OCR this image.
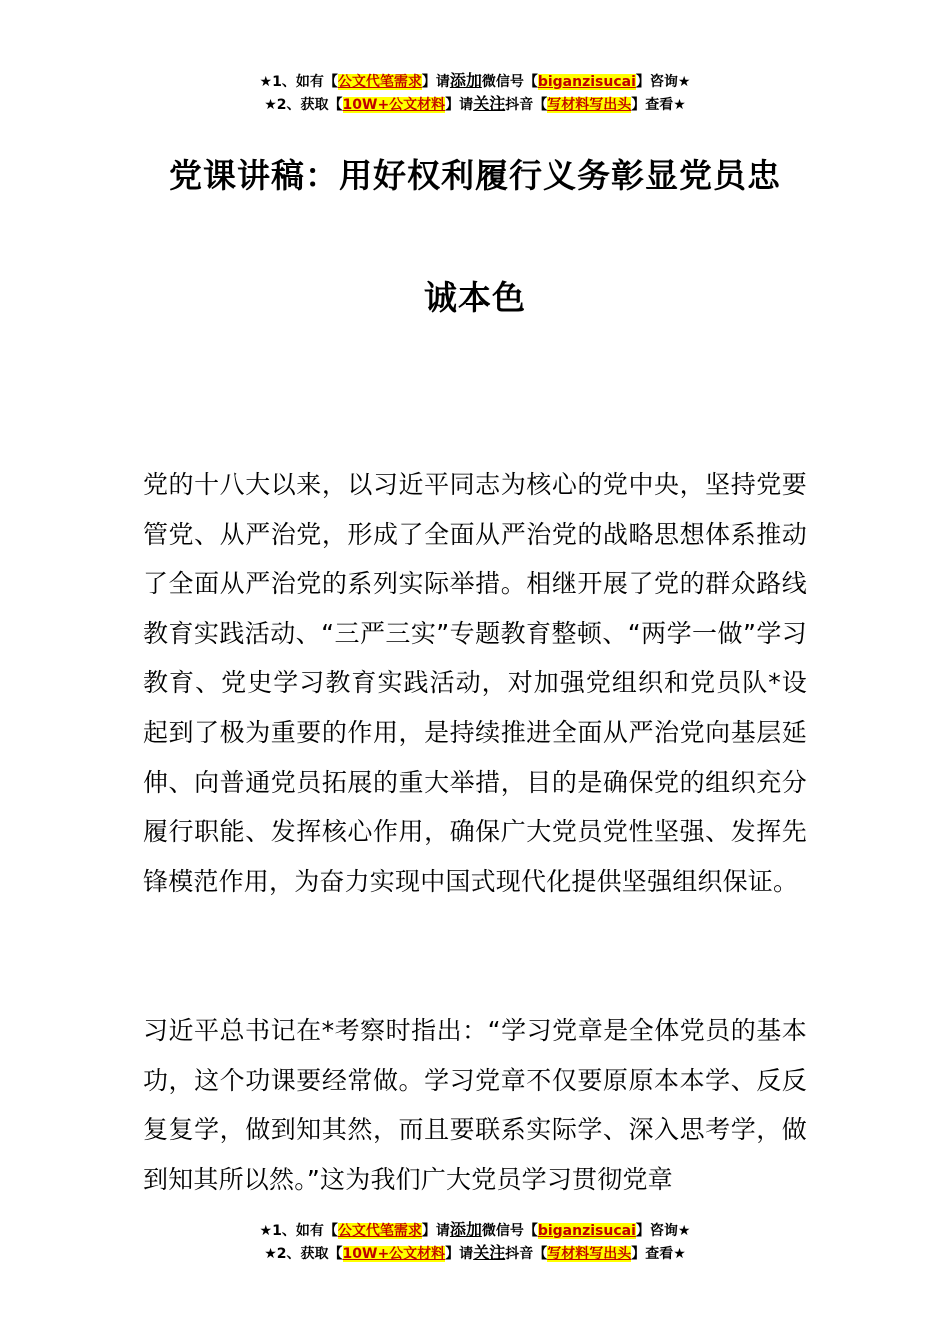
★1、如有【公文代笔需求】请添加微信号【biganzisucai】咨询★
★2、获取【10W+公文材料】请关注抖音【写材料写出头】查看★
党课讲稿：用好权利履行义务彰显党员忠
诚本色
党的十八大以来，以习近平同志为核心的党中央，坚持党要管党、从严治党，形成了全面从严治党的战略思想体系推动了全面从严治党的系列实际举措。相继开展了党的群众路线教育实践活动、“三严三实”专题教育整顿、“两学一做”学习教育、党史学习教育实践活动，对加强党组织和党员队*设起到了极为重要的作用，是持续推进全面从严治党向基层延伸、向普通党员拓展的重大举措，目的是确保党的组织充分履行职能、发挥核心作用，确保广大党员党性坚强、发挥先锋模范作用，为奋力实现中国式现代化提供坚强组织保证。
习近平总书记在*考察时指出：“学习党章是全体党员的基本功，这个功课要经常做。学习党章不仅要原原本本学、反反复复学，做到知其然，而且要联系实际学、深入思考学，做到知其所以然。”这为我们广大党员学习贯彻党章
★1、如有【公文代笔需求】请添加微信号【biganzisucai】咨询★
★2、获取【10W+公文材料】请关注抖音【写材料写出头】查看★
